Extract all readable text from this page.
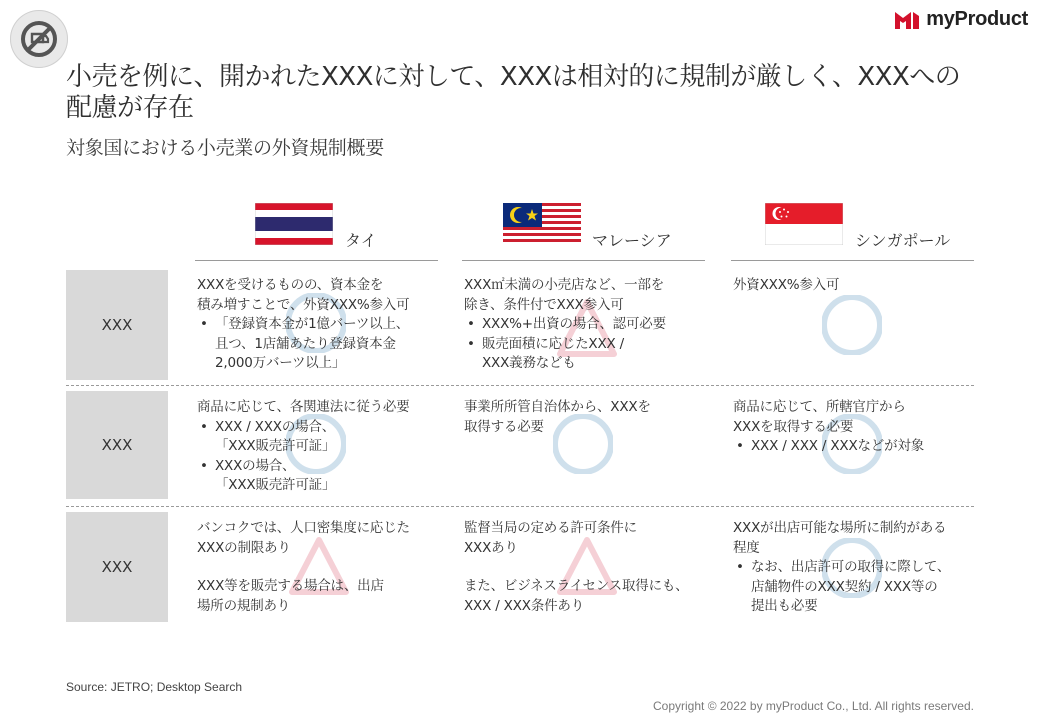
myProduct
小売を例に、開かれたXXXに対して、XXXは相対的に規制が厳しく、XXXへの配慮が存在
対象国における小売業の外資規制概要
タイ	マレーシア	シンガポール
XXX
XXX
XXX

XXXを受けるものの、資本金を
積み増すことで、外資XXX%参入可

• 「登録資本金が1億バーツ以上、
且つ、1店舗あたり登録資本金
2,000万バーツ以上」

XXX㎡未満の小売店など、一部を
除き、条件付でXXX参入可

• XXX%+出資の場合、認可必要
• 販売面積に応じたXXX /
XXX義務なども

外資XXX%参入可

商品に応じて、各関連法に従う必要

• XXX / XXXの場合、
「XXX販売許可証」
• XXXの場合、
「XXX販売許可証」

事業所所管自治体から、XXXを
取得する必要

商品に応じて、所轄官庁から
XXXを取得する必要

• XXX / XXX / XXXなどが対象

バンコクでは、人口密集度に応じた
XXXの制限あり

XXX等を販売する場合は、出店
場所の規制あり

監督当局の定める許可条件に
XXXあり

また、ビジネスライセンス取得にも、
XXX / XXX条件あり

XXXが出店可能な場所に制約がある
程度

• なお、出店許可の取得に際して、
店舗物件のXXX契約 / XXX等の
提出も必要
Source: JETRO; Desktop Search
Copyright © 2022 by myProduct Co., Ltd. All rights reserved.
